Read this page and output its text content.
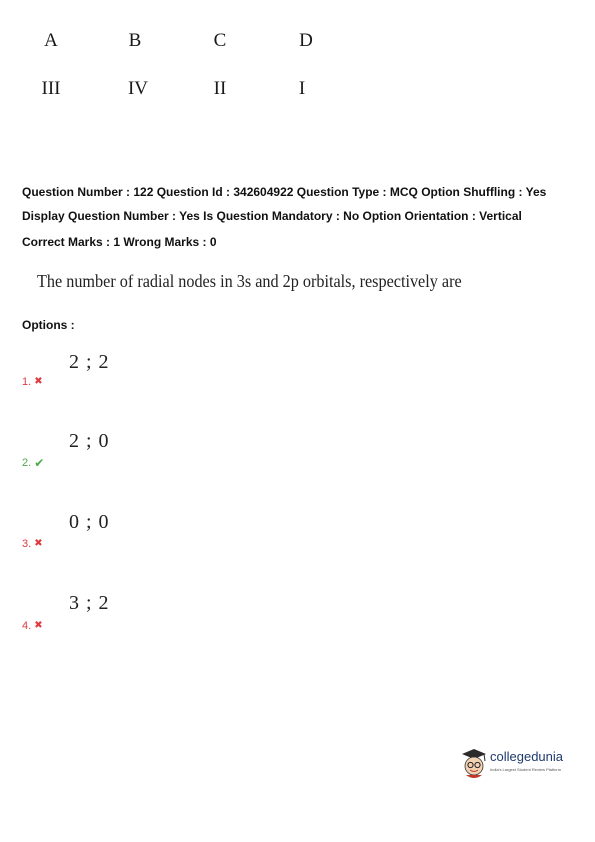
A	B	C	D
III	IV	II	I
Question Number : 122 Question Id : 342604922 Question Type : MCQ Option Shuffling : Yes
Display Question Number : Yes Is Question Mandatory : No Option Orientation : Vertical
Correct Marks : 1 Wrong Marks : 0
The number of radial nodes in 3s and 2p orbitals, respectively are
Options :
2 ; 2
1. ✖
2 ; 0
2. ✔
0 ; 0
3. ✖
3 ; 2
4. ✖
collegedunia
India's Largest Student Review Platform
